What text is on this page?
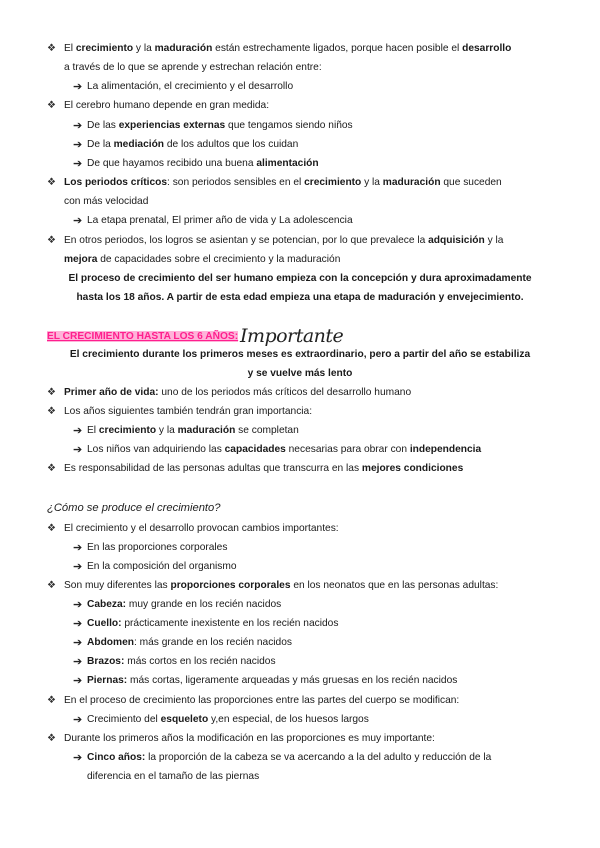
❖ El crecimiento y la maduración están estrechamente ligados, porque hacen posible el desarrollo
a través de lo que se aprende y estrechan relación entre:
➔ La alimentación, el crecimiento y el desarrollo
❖ El cerebro humano depende en gran medida:
➔ De las experiencias externas que tengamos siendo niños
➔ De la mediación de los adultos que los cuidan
➔ De que hayamos recibido una buena alimentación
❖ Los periodos críticos: son periodos sensibles en el crecimiento y la maduración que suceden
con más velocidad
➔ La etapa prenatal, El primer año de vida y La adolescencia
❖ En otros periodos, los logros se asientan y se potencian, por lo que prevalece la adquisición y la
mejora de capacidades sobre el crecimiento y la maduración
El proceso de crecimiento del ser humano empieza con la concepción y dura aproximadamente
hasta los 18 años. A partir de esta edad empieza una etapa de maduración y envejecimiento.
EL CRECIMIENTO HASTA LOS 6 AÑOS: Importante
El crecimiento durante los primeros meses es extraordinario, pero a partir del año se estabiliza
y se vuelve más lento
❖ Primer año de vida: uno de los periodos más críticos del desarrollo humano
❖ Los años siguientes también tendrán gran importancia:
➔ El crecimiento y la maduración se completan
➔ Los niños van adquiriendo las capacidades necesarias para obrar con independencia
❖ Es responsabilidad de las personas adultas que transcurra en las mejores condiciones
¿Cómo se produce el crecimiento?
❖ El crecimiento y el desarrollo provocan cambios importantes:
➔ En las proporciones corporales
➔ En la composición del organismo
❖ Son muy diferentes las proporciones corporales en los neonatos que en las personas adultas:
➔ Cabeza: muy grande en los recién nacidos
➔ Cuello: prácticamente inexistente en los recién nacidos
➔ Abdomen: más grande en los recién nacidos
➔ Brazos: más cortos en los recién nacidos
➔ Piernas: más cortas, ligeramente arqueadas y más gruesas en los recién nacidos
❖ En el proceso de crecimiento las proporciones entre las partes del cuerpo se modifican:
➔ Crecimiento del esqueleto y,en especial, de los huesos largos
❖ Durante los primeros años la modificación en las proporciones es muy importante:
➔ Cinco años: la proporción de la cabeza se va acercando a la del adulto y reducción de la
diferencia en el tamaño de las piernas
